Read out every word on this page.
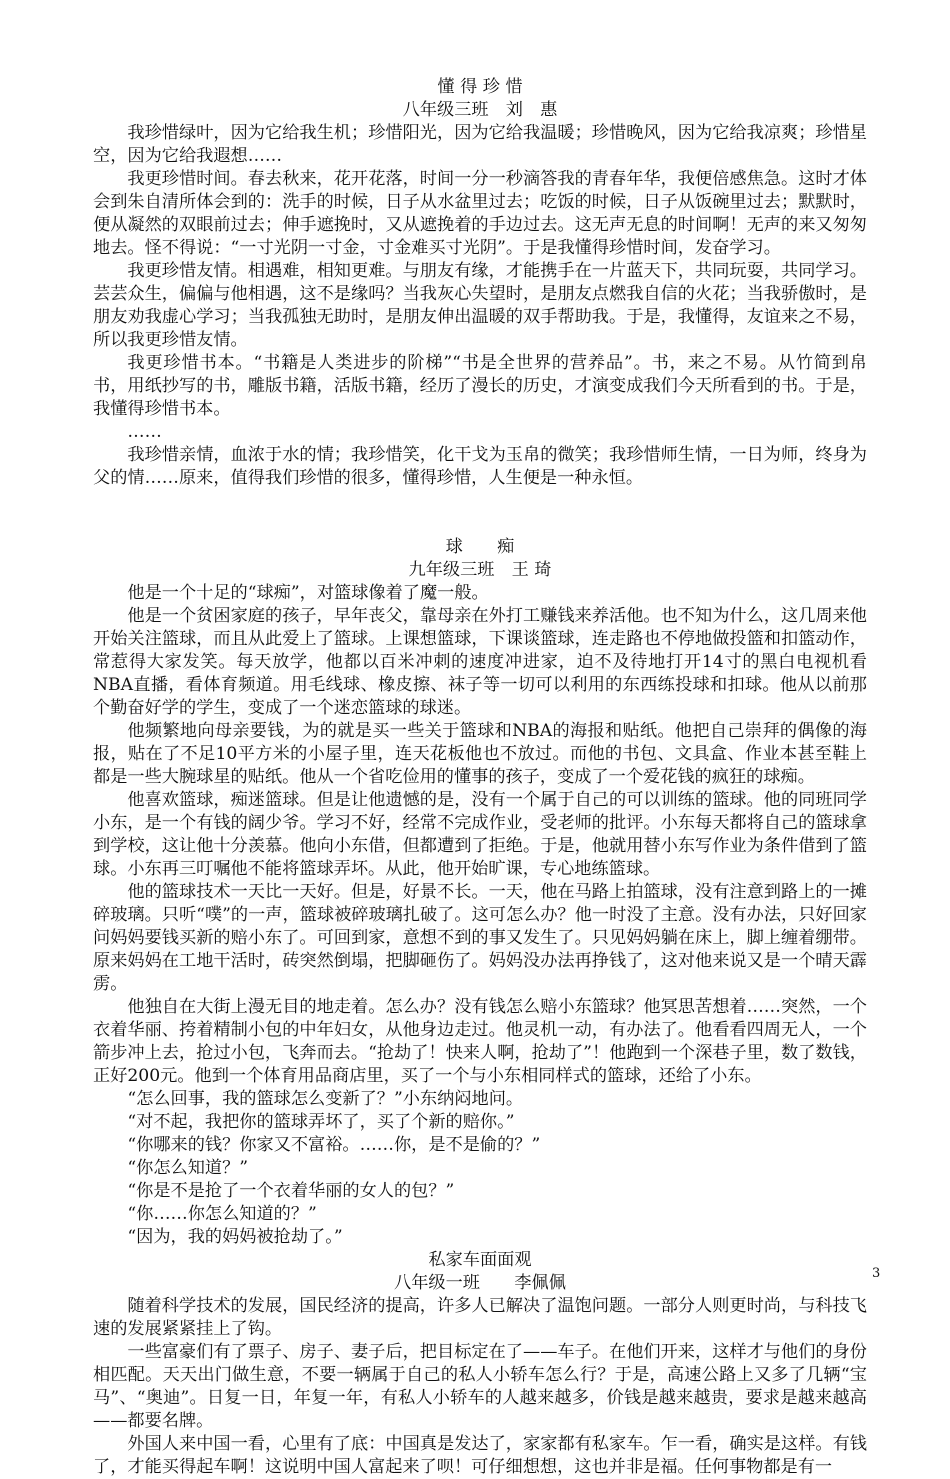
懂 得 珍 惜
八年级三班　刘　惠

我珍惜绿叶，因为它给我生机；珍惜阳光，因为它给我温暖；珍惜晚风，因为它给我凉爽；珍惜星空，因为它给我遐想……

我更珍惜时间。春去秋来，花开花落，时间一分一秒滴答我的青春年华，我便倍感焦急。这时才体会到朱自清所体会到的：洗手的时候，日子从水盆里过去；吃饭的时候，日子从饭碗里过去；默默时，便从凝然的双眼前过去；伸手遮挽时，又从遮挽着的手边过去。这无声无息的时间啊！无声的来又匆匆地去。怪不得说：“一寸光阴一寸金，寸金难买寸光阴”。于是我懂得珍惜时间，发奋学习。

我更珍惜友情。相遇难，相知更难。与朋友有缘，才能携手在一片蓝天下，共同玩耍，共同学习。芸芸众生，偏偏与他相遇，这不是缘吗？当我灰心失望时，是朋友点燃我自信的火花；当我骄傲时，是朋友劝我虚心学习；当我孤独无助时，是朋友伸出温暖的双手帮助我。于是，我懂得，友谊来之不易，所以我更珍惜友情。

我更珍惜书本。“书籍是人类进步的阶梯”“书是全世界的营养品”。书，来之不易。从竹简到帛书，用纸抄写的书，雕版书籍，活版书籍，经历了漫长的历史，才演变成我们今天所看到的书。于是，我懂得珍惜书本。

……

我珍惜亲情，血浓于水的情；我珍惜笑，化干戈为玉帛的微笑；我珍惜师生情，一日为师，终身为父的情……原来，值得我们珍惜的很多，懂得珍惜，人生便是一种永恒。

球　　痴
九年级三班　王 琦

他是一个十足的“球痴”，对篮球像着了魔一般。

他是一个贫困家庭的孩子，早年丧父，靠母亲在外打工赚钱来养活他。也不知为什么，这几周来他开始关注篮球，而且从此爱上了篮球。上课想篮球，下课谈篮球，连走路也不停地做投篮和扣篮动作，常惹得大家发笑。每天放学，他都以百米冲刺的速度冲进家，迫不及待地打开14寸的黑白电视机看NBA直播，看体育频道。用毛线球、橡皮擦、袜子等一切可以利用的东西练投球和扣球。他从以前那个勤奋好学的学生，变成了一个迷恋篮球的球迷。

他频繁地向母亲要钱，为的就是买一些关于篮球和NBA的海报和贴纸。他把自己崇拜的偶像的海报，贴在了不足10平方米的小屋子里，连天花板他也不放过。而他的书包、文具盒、作业本甚至鞋上都是一些大腕球星的贴纸。他从一个省吃俭用的懂事的孩子，变成了一个爱花钱的疯狂的球痴。

他喜欢篮球，痴迷篮球。但是让他遗憾的是，没有一个属于自己的可以训练的篮球。他的同班同学小东，是一个有钱的阔少爷。学习不好，经常不完成作业，受老师的批评。小东每天都将自己的篮球拿到学校，这让他十分羡慕。他向小东借，但都遭到了拒绝。于是，他就用替小东写作业为条件借到了篮球。小东再三叮嘱他不能将篮球弄坏。从此，他开始旷课，专心地练篮球。

他的篮球技术一天比一天好。但是，好景不长。一天，他在马路上拍篮球，没有注意到路上的一摊碎玻璃。只听“噗”的一声，篮球被碎玻璃扎破了。这可怎么办？他一时没了主意。没有办法，只好回家问妈妈要钱买新的赔小东了。可回到家，意想不到的事又发生了。只见妈妈躺在床上，脚上缠着绷带。原来妈妈在工地干活时，砖突然倒塌，把脚砸伤了。妈妈没办法再挣钱了，这对他来说又是一个晴天霹雳。

他独自在大街上漫无目的地走着。怎么办？没有钱怎么赔小东篮球？他冥思苦想着……突然，一个衣着华丽、挎着精制小包的中年妇女，从他身边走过。他灵机一动，有办法了。他看看四周无人，一个箭步冲上去，抢过小包，飞奔而去。“抢劫了！快来人啊，抢劫了”！他跑到一个深巷子里，数了数钱，正好200元。他到一个体育用品商店里，买了一个与小东相同样式的篮球，还给了小东。

“怎么回事，我的篮球怎么变新了？”小东纳闷地问。

“对不起，我把你的篮球弄坏了，买了个新的赔你。”

“你哪来的钱？你家又不富裕。……你，是不是偷的？”

“你怎么知道？”

“你是不是抢了一个衣着华丽的女人的包？”

“你……你怎么知道的？”

“因为，我的妈妈被抢劫了。”

私家车面面观
八年级一班　　李佩佩

随着科学技术的发展，国民经济的提高，许多人已解决了温饱问题。一部分人则更时尚，与科技飞速的发展紧紧挂上了钩。

一些富豪们有了票子、房子、妻子后，把目标定在了——车子。在他们开来，这样才与他们的身份相匹配。天天出门做生意，不要一辆属于自己的私人小轿车怎么行？于是，高速公路上又多了几辆“宝马”、“奥迪”。日复一日，年复一年，有私人小轿车的人越来越多，价钱是越来越贵，要求是越来越高——都要名牌。

外国人来中国一看，心里有了底：中国真是发达了，家家都有私家车。乍一看，确实是这样。有钱了，才能买得起车啊！这说明中国人富起来了呗！可仔细想想，这也并非是福。任何事物都是有一

3
